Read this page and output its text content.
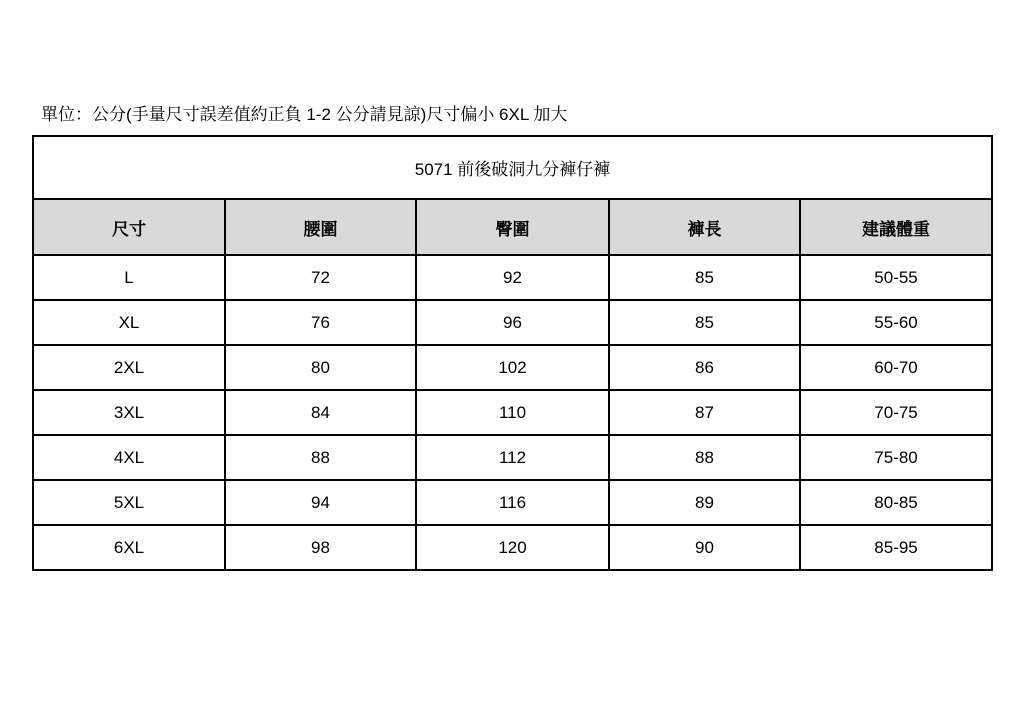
單位：公分(手量尺寸誤差值約正負 1-2 公分請見諒)尺寸偏小 6XL 加大
5071 前後破洞九分褲仔褲				
尺寸	腰圍	臀圍	褲長	建議體重
L	72	92	85	50-55
XL	76	96	85	55-60
2XL	80	102	86	60-70
3XL	84	110	87	70-75
4XL	88	112	88	75-80
5XL	94	116	89	80-85
6XL	98	120	90	85-95
